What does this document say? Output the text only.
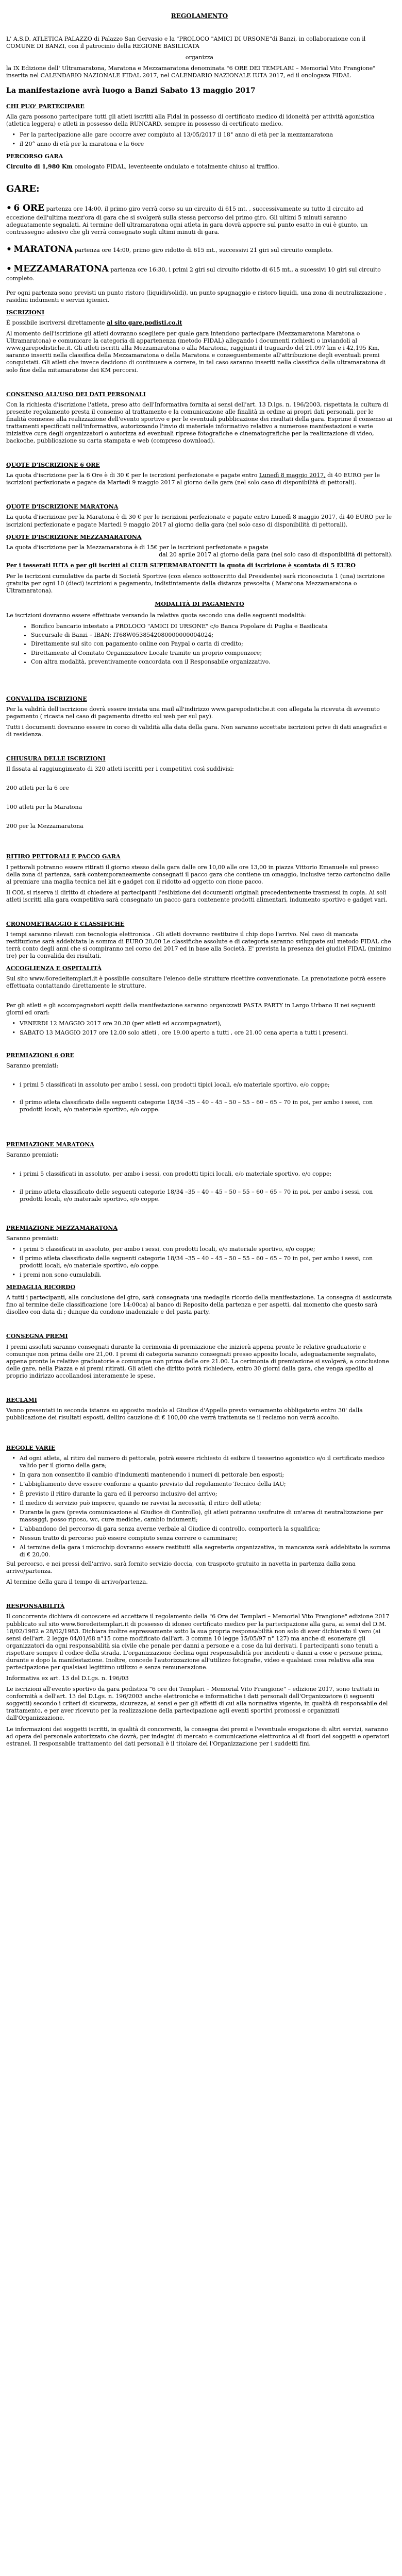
REGOLAMENTO

L' A.S.D. ATLETICA PALAZZO di Palazzo San Gervasio e la "PROLOCO "AMICI DI URSONE"di Banzi, in collaborazione con il COMUNE DI BANZI, con il patrocinio della REGIONE BASILICATA

organizza

la IX Edizione dell' Ultramaratona, Maratona e Mezzamaratona denominata "6 ORE DEI TEMPLARI – Memorial Vito Frangione" inserita nel CALENDARIO NAZIONALE FIDAL 2017, nel CALENDARIO NAZIONALE IUTA 2017, ed il onologaza FIDAL

La manifestazione avrà luogo a Banzi Sabato 13 maggio 2017
CHI PUO' PARTECIPARE

Alla gara possono partecipare tutti gli atleti iscritti alla Fidal in possesso di certificato medico di idoneità per attività agonistica (atletica leggera) e atleti in possesso della RUNCARD, sempre in possesso di certificato medico.

• Per la partecipazione alle gare occorre aver compiuto al 13/05/2017 il 18° anno di età per la mezzamaratona
• il 20° anno di età per la maratona e la 6ore
PERCORSO GARA

Circuito di 1,980 Km omologato FIDAL, leventeente ondulato e totalmente chiuso al traffico.

GARE:
• 6 ORE partenza ore 14:00, il primo giro verrà corso su un circuito di 615 mt. , successivamente su tutto il circuito ad eccezione dell'ultima mezz'ora di gara che si svolgerà sulla stessa percorso del primo giro. Gli ultimi 5 minuti saranno adeguatamente segnalati. Ai termine dell'ultramaratona ogni atleta in gara dovrà apporre sul punto esatto in cui è giunto, un contrassegno adesivo che gli verrà consegnato sugli ultimi minuti di gara.
• MARATONA partenza ore 14:00, primo giro ridotto di 615 mt., successivi 21 giri sul circuito completo.
• MEZZAMARATONA partenza ore 16:30, i primi 2 giri sul circuito ridotto di 615 mt., a sucessivi 10 giri sul circuito completo.

Per ogni partenza sono previsti un punto ristoro (liquidi/solidi), un punto spugnaggio e ristoro liquidi, una zona di neutralizzazione , rasidini indumenti e servizi igienici.

ISCRIZIONI

È possibile iscriversi direttamente al sito gare.podisti.co.it

Al momento dell'iscrizione gli atleti dovranno scegliere per quale gara intendono partecipare (Mezzamaratona Maratona o Ultramaratona) e comunicare la categoria di appartenenza (metodo FIDAL) allegando i documenti richiesti o inviandoli al www.garepodistiche.it. Gli atleti iscritti alla Mezzamaratona o alla Maratona, raggiunti il traguardo del 21.097 km e i 42,195 Km, saranno inseriti nella classifica della Mezzamaratona o della Maratona e conseguentemente all'attribuzione degli eventuali premi conquistati. Gli atleti che invece decidono di continuare a correre, in tal caso saranno inseriti nella classifica della ultramaratona di solo fine della mitamaratone dei KM percorsi.

CONSENSO ALL'USO DEI DATI PERSONALI

Con la richiesta d'iscrizione l'atleta, preso atto dell'Informativa fornita ai sensi dell'art. 13 D.lgs. n. 196/2003, rispettata la cultura di presente regolamento presta il consenso al trattamento e la comunicazione alle finalità in ordine ai propri dati personali, per le finalità connesse alla realizzazione dell'evento sportivo e per le eventuali pubblicazione dei risultati della gara. Esprime il consenso ai trattamenti specificati nell'informativa, autorizzando l'invio di materiale informativo relativo a numerose manifestazioni e varie iniziative cura degli organizzatori o autorizza ad eventuali riprese fotografiche e cinematografiche per la realizzazione di video, backoche, pubblicazione su carta stampata e web (compreso download).

QUOTE D'ISCRIZIONE 6 ORE

La quota d'iscrizione per la 6 Ore è di 30 € per le iscrizioni perfezionate e pagate entro Lunedì 8 maggio 2017, di 40 EURO per le iscrizioni perfezionate e pagate da Martedì 9 maggio 2017 al giorno della gara (nel solo caso di disponibilità di pettorali).

QUOTE D'ISCRIZIONE MARATONA

La quota d'iscrizione per la Maratona è di 30 € per le iscrizioni perfezionate e pagate entro Lunedì 8 maggio 2017, di 40 EURO per le iscrizioni perfezionate e pagate Martedì 9 maggio 2017 al giorno della gara (nel solo caso di disponibilità di pettorali).

QUOTE D'ISCRIZIONE MEZZAMARATONA

La quota d'iscrizione per la Mezzamaratona è di 15€ per le iscrizioni perfezionate e pagate

dal 20 aprile 2017 al giorno della gara (nel solo caso di disponibilità di pettorali).

Per i tesserati IUTA e per gli iscritti al CLUB SUPERMARATONETI la quota di iscrizione è scontata di 5 EURO

Per le iscrizioni cumulative da parte di Società Sportive (con elenco sottoscritto dal Presidente) sarà riconosciuta 1 (una) iscrizione gratuita per ogni 10 (dieci) iscrizioni a pagamento, indistintamente dalla distanza prescelta ( Maratona Mezzamaratona o Ultramaratona).

MODALITÀ DI PAGAMENTO

Le iscrizioni dovranno essere effettuate versando la relativa quota secondo una delle seguenti modalità:

• Bonifico bancario intestato a PROLOCO "AMICI DI URSONE" c/o Banca Popolare di Puglia e Basilicata
• Succursale di Banzi – IBAN: IT68W0538542080000000004024;
• Direttamente sul sito con pagamento online con Paypal o carta di credito;
• Direttamente al Comitato Organizzatore Locale tramite un proprio compenzore;
• Con altra modalità, preventivamente concordata con il Responsabile organizzativo.
CONVALIDA ISCRIZIONE

Per la validità dell'iscrizione dovrà essere inviata una mail all'indirizzo www.garepodistiche.it con allegata la ricevuta di avvenuto pagamento ( ricasta nel caso di pagamento diretto sul web per sul pay).

Tutti i documenti dovranno essere in corso di validità alla data della gara. Non saranno accettate iscrizioni prive di dati anagrafici e di residenza.

CHIUSURA DELLE ISCRIZIONI

Il fissata al raggiungimento di 320 atleti iscritti per i competitivi così suddivisi:

200 atleti per la 6 ore

100 atleti per la Maratona

200 per la Mezzamaratona

RITIRO PETTORALI E PACCO GARA

I pettorali potranno essere ritirati il giorno stesso della gara dalle ore 10,00 alle ore 13,00 in piazza Vittorio Emanuele sul presso della zona di partenza, sarà contemporaneamente consegnati il pacco gara che contiene un omaggio, inclusive terzo cartoncino dalle al premiare una maglia tecnica nel kit e gadget con il ridotto ad oggetto con rione pacco.

Il COL si riserva il diritto di chiedere ai partecipanti l'esibizione dei documenti originali precedentemente trasmessi in copia. Ai soli atleti iscritti alla gara competitiva sarà consegnato un pacco gara contenente prodotti alimentari, indumento sportivo e gadget vari.

CRONOMETRAGGIO E CLASSIFICHE

I tempi saranno rilevati con tecnologia elettronica . Gli atleti dovranno restituire il chip dopo l'arrivo. Nel caso di mancata restituzione sarà addebitata la somma di EURO 20,00 Le classifiche assolute e di categoria saranno sviluppate sul metodo FIDAL che terrà conto degli anni che si compiranno nel corso del 2017 ed in base alla Società. E' prevista la presenza dei giudici FIDAL (minimo tre) per la convalida dei risultati.

ACCOGLIENZA E OSPITALITÀ

Sul sito www.6oredeitemplari.it è possibile consultare l'elenco delle strutture ricettive convenzionate. La prenotazione potrà essere effettuata contattando direttamente le strutture.

Per gli atleti e gli accompagnatori ospiti della manifestazione saranno organizzati PASTA PARTY in Largo Urbano II nei seguenti giorni ed orari:

• VENERDI 12 MAGGIO 2017 ore 20.30 (per atleti ed accompagnatori),
• SABATO 13 MAGGIO 2017 ore 12.00 solo atleti , ore 19.00 aperto a tutti , ore 21.00 cena aperta a tutti i presenti.
PREMIAZIONI 6 ORE

Saranno premiati:

• i primi 5 classificati in assoluto per ambo i sessi, con prodotti tipici locali, e/o materiale sportivo, e/o coppe;
• il primo atleta classificato delle seguenti categorie 18/34 –35 – 40 – 45 – 50 – 55 – 60 – 65 – 70 in poi, per ambo i sessi, con prodotti locali, e/o materiale sportivo, e/o coppe.
PREMIAZIONE MARATONA

Saranno premiati:

• i primi 5 classificati in assoluto, per ambo i sessi, con prodotti tipici locali, e/o materiale sportivo, e/o coppe;
• il primo atleta classificato delle seguenti categorie 18/34 –35 – 40 – 45 – 50 – 55 – 60 – 65 – 70 in poi, per ambo i sessi, con prodotti locali, e/o materiale sportivo, e/o coppe.
PREMIAZIONE MEZZAMARATONA

Saranno premiati:

• i primi 5 classificati in assoluto, per ambo i sessi, con prodotti locali, e/o materiale sportivo, e/o coppe;
• il primo atleta classificato delle seguenti categorie 18/34 –35 – 40 – 45 – 50 – 55 – 60 – 65 – 70 in poi, per ambo i sessi, con prodotti locali, e/o materiale sportivo, e/o coppe.
• i premi non sono cumulabili.
MEDAGLIA RICORDO

A tutti i partecipanti, alla conclusione del giro, sarà consegnata una medaglia ricordo della manifestazione. La consegna di assicurata fino al termine delle classificazione (ore 14:00ca) al banco di Reposito della partenza e per aspetti, dal momento che questo sarà disolleo con data di ; dunque da condono inadenziale e del pasta party.

CONSEGNA PREMI

I premi assoluti saranno consegnati durante la cerimonia di premiazione che inizierà appena pronte le relative graduatorie e comunque non prima delle ore 21,00. I premi di categoria saranno consegnati presso apposito locale, adeguatamente segnalato, appena pronte le relative graduatorie e comunque non prima delle ore 21.00. La cerimonia di premiazione si svolgerà, a conclusione delle gare, nella Piazza e ai premi ritirati, Gli atleti che diritto potrà richiedere, entro 30 giorni dalla gara, che venga spedito al proprio indirizzo accollandosi interamente le spese.

RECLAMI

Vanno presentati in seconda istanza su apposito modulo al Giudice d'Appello previo versamento obbligatorio entro 30' dalla pubblicazione dei risultati esposti, delliro cauzione di € 100,00 che verrà trattenuta se il reclamo non verrà accolto.

REGOLE VARIE
• Ad ogni atleta, al ritiro del numero di pettorale, potrà essere richiesto di esibire il tesserino agonistico e/o il certificato medico valido per il giorno della gara;
• In gara non consentito il cambio d'indumenti mantenendo i numeri di pettorale ben esposti;
• L'abbigliamento deve essere conforme a quanto previsto dal regolamento Tecnico della IAU;
• È previsto il ritiro durante la gara ed il percorso inclusivo del arrivo;
• Il medico di servizio può imporre, quando ne ravvisi la necessità, il ritiro dell'atleta;
• Durante la gara (previa comunicazione al Giudice di Controllo), gli atleti potranno usufruire di un'area di neutralizzazione per massaggi, posso riposo, wc, cure mediche, cambio indumenti;
• L'abbandono del percorso di gara senza averne verbale al Giudice di controllo, comporterà la squalifica;
• Nessun tratto di percorso può essere compiuto senza correre o camminare;
• Al termine della gara i microchip dovranno essere restituiti alla segreteria organizzativa, in mancanza sarà addebitato la somma di € 20,00.

Sul percorso, e nei pressi dell'arrivo, sarà fornito servizio doccia, con trasporto gratuito in navetta in partenza dalla zona arrivo/partenza.

Al termine della gara il tempo di arrivo/partenza.

RESPONSABILITÀ

Il concorrente dichiara di conoscere ed accettare il regolamento della "6 Ore dei Templari – Memorial Vito Frangione" edizione 2017 pubblicato sul sito www.6oredeitemplari.it di possesso di idoneo certificato medico per la partecipazione alla gara, ai sensi del D.M. 18/02/1982 e 28/02/1983. Dichiara inoltre espressamente sotto la sua propria responsabilità non solo di aver dichiarato il vero (ai sensi dell'art. 2 legge 04/01/68 n°15 come modificato dall'art. 3 comma 10 legge 15/05/97 n° 127) ma anche di esonerare gli organizzatori da ogni responsabilità sia civile che penale per danni a persone e a cose da lui derivati. I partecipanti sono tenuti a rispettare sempre il codice della strada. L'organizzazione declina ogni responsabilità per incidenti e danni a cose e persone prima, durante e dopo la manifestazione. Inoltre, concede l'autorizzazione all'utilizzo fotografie, video e qualsiasi cosa relativa alla sua partecipazione per qualsiasi legittimo utilizzo e senza remunerazione.

Informativa ex art. 13 del D.Lgs. n. 196/03

Le iscrizioni all'evento sportivo da gara podistica "6 ore dei Templari – Memorial Vito Frangione" – edizione 2017, sono trattati in conformità a dell'art. 13 del D.Lgs. n. 196/2003 anche elettroniche e informatiche i dati personali dall'Organizzatore (i seguenti soggetti) secondo i criteri di sicurezza, sicurezza, ai sensi e per gli effetti di cui alla normativa vigente, in qualità di responsabile del trattamento, e per aver ricevuto per la realizzazione della partecipazione agli eventi sportivi promossi e organizzati dall'Organizzazione.

Le informazioni dei soggetti iscritti, in qualità di concorrenti, la consegna dei premi e l'eventuale erogazione di altri servizi, saranno ad opera del personale autorizzato che dovrà, per indagini di mercato e comunicazione elettronica al di fuori dei soggetti e operatori estranei. Il responsabile trattamento dei dati personali è il titolare del l'Organizzazione per i suddetti fini.
